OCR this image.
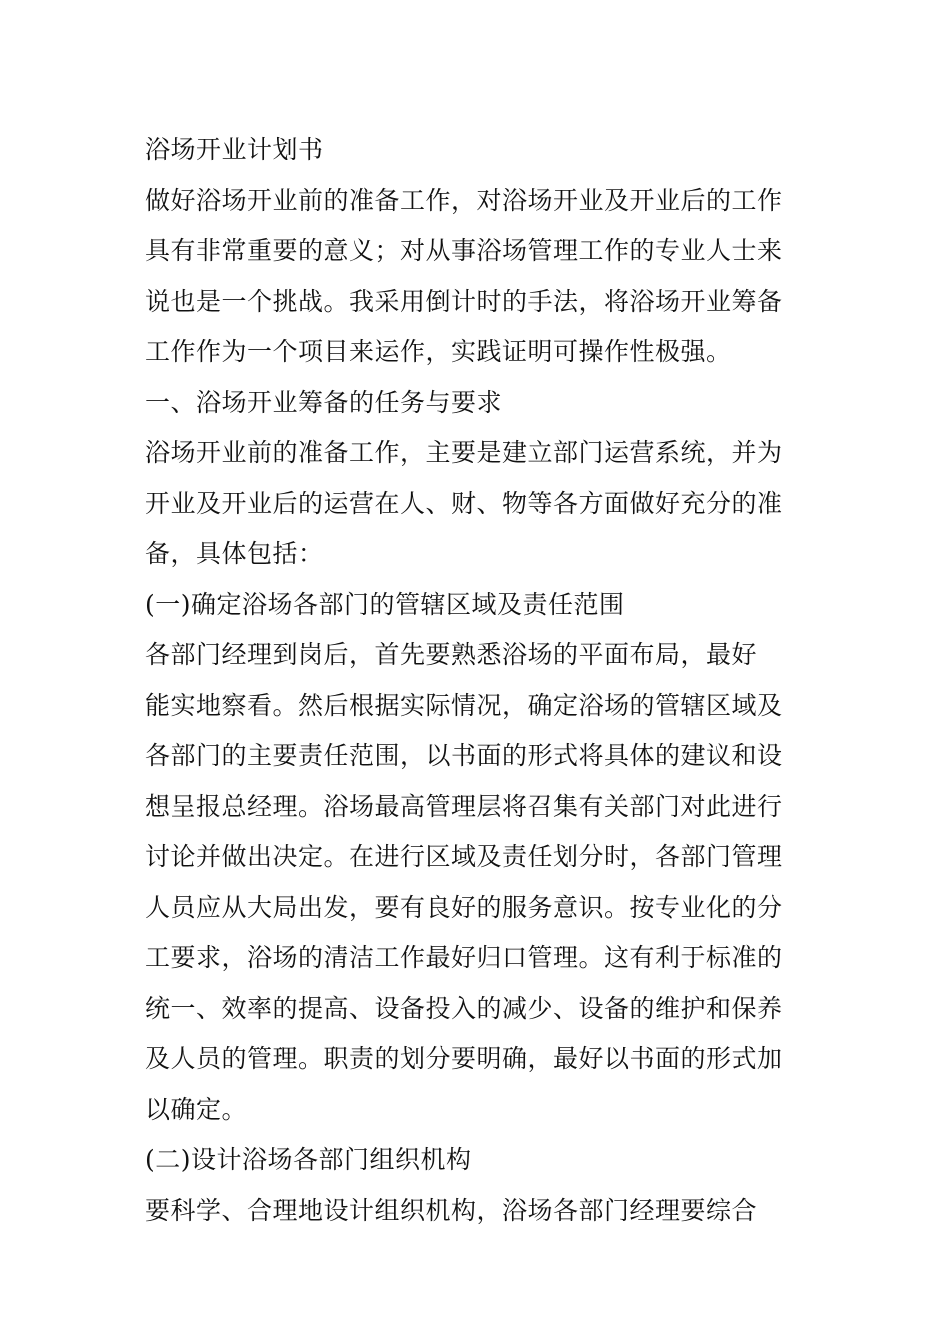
浴场开业计划书
做好浴场开业前的准备工作，对浴场开业及开业后的工作
具有非常重要的意义；对从事浴场管理工作的专业人士来
说也是一个挑战。我采用倒计时的手法，将浴场开业筹备
工作作为一个项目来运作，实践证明可操作性极强。
一、浴场开业筹备的任务与要求
浴场开业前的准备工作，主要是建立部门运营系统，并为
开业及开业后的运营在人、财、物等各方面做好充分的准
备，具体包括：
(一)确定浴场各部门的管辖区域及责任范围
各部门经理到岗后，首先要熟悉浴场的平面布局，最好
能实地察看。然后根据实际情况，确定浴场的管辖区域及
各部门的主要责任范围，以书面的形式将具体的建议和设
想呈报总经理。浴场最高管理层将召集有关部门对此进行
讨论并做出决定。在进行区域及责任划分时，各部门管理
人员应从大局出发，要有良好的服务意识。按专业化的分
工要求，浴场的清洁工作最好归口管理。这有利于标准的
统一、效率的提高、设备投入的减少、设备的维护和保养
及人员的管理。职责的划分要明确，最好以书面的形式加
以确定。
(二)设计浴场各部门组织机构
要科学、合理地设计组织机构，浴场各部门经理要综合
